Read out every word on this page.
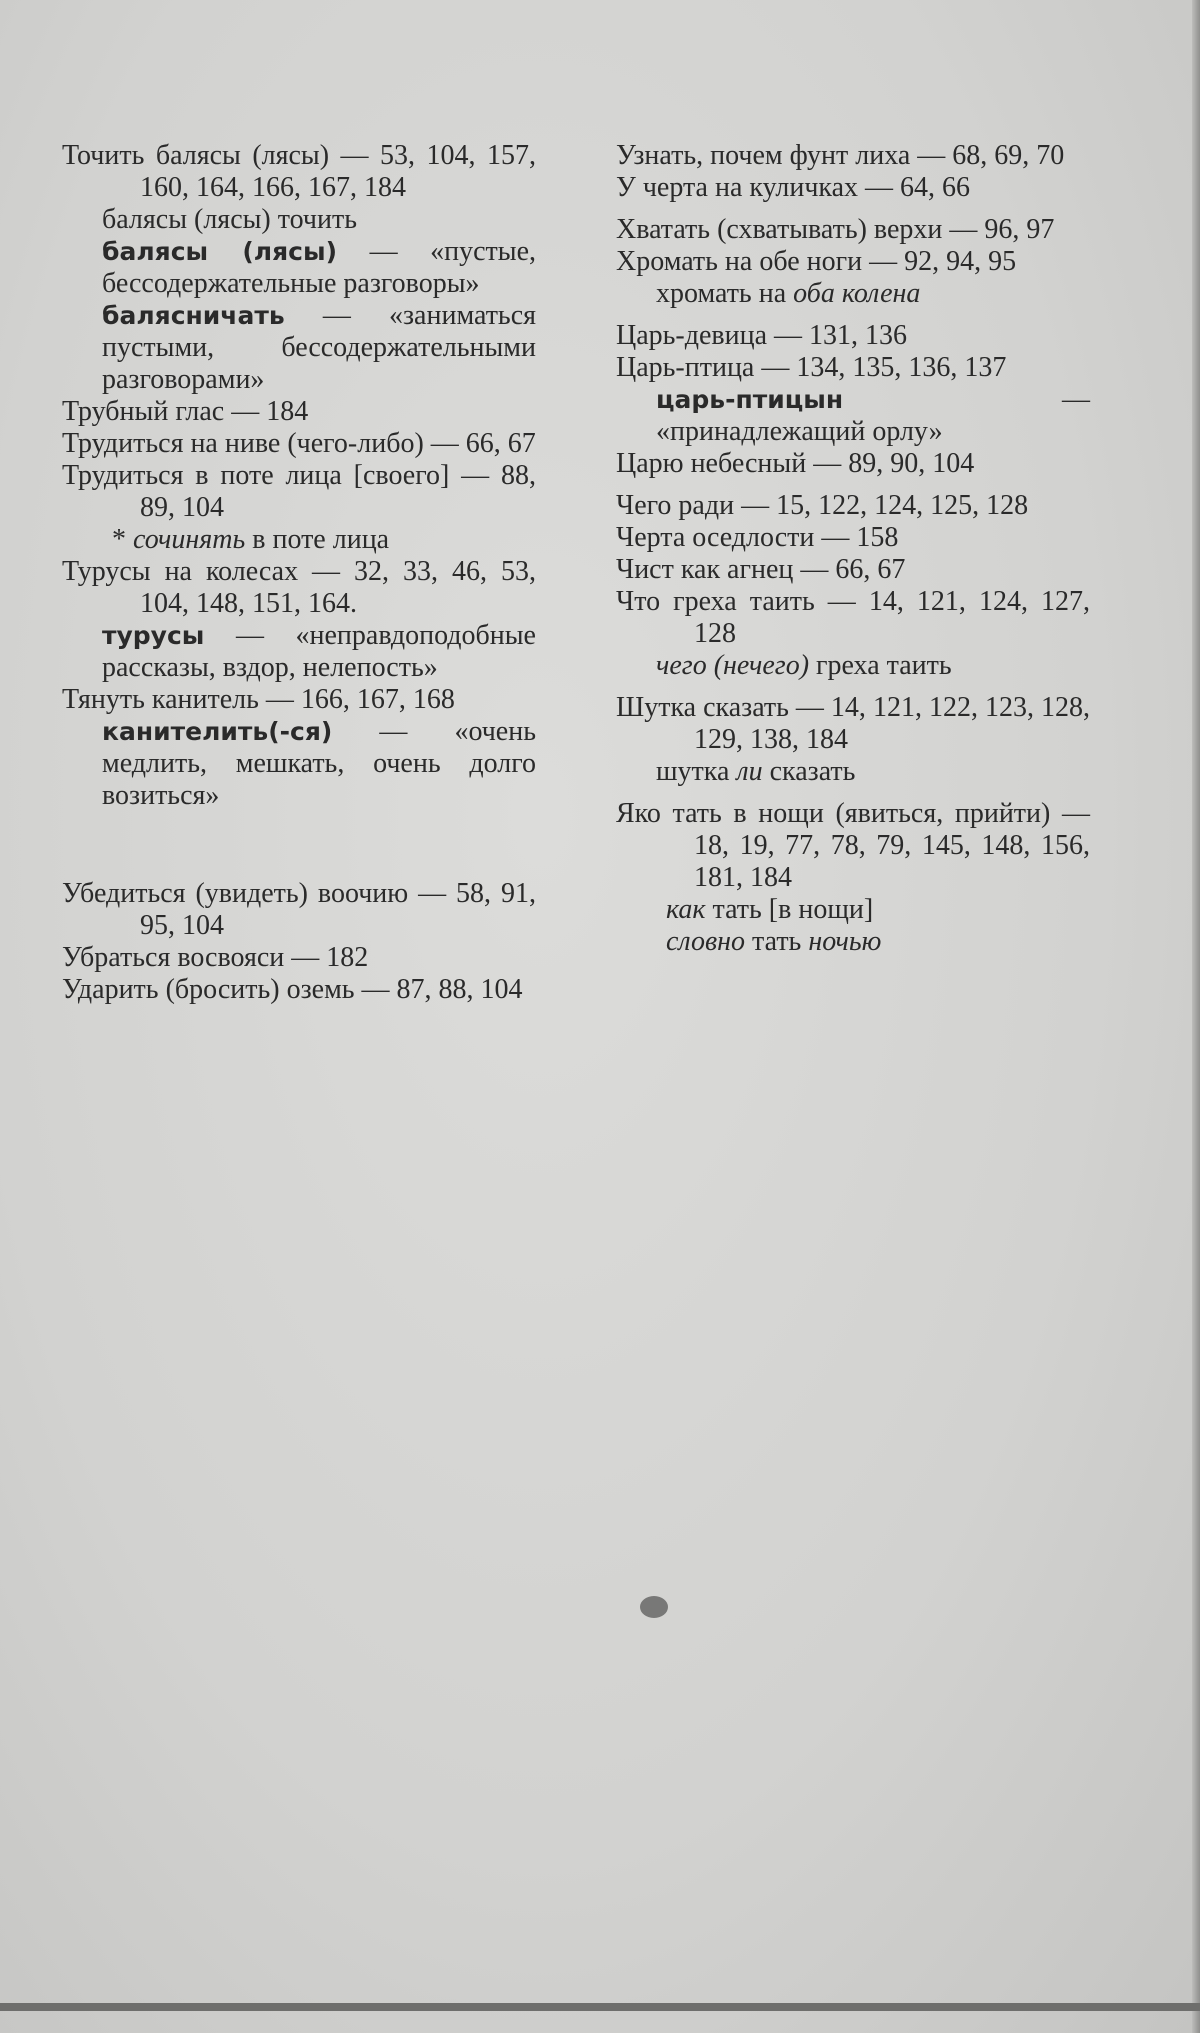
Точить балясы (лясы) — 53, 104, 157, 160, 164, 166, 167, 184

балясы (лясы) точить

балясы (лясы) — «пустые, бессодержательные разговоры»

балясничать — «заниматься пустыми, бессодержательными разговорами»

Трубный глас — 184

Трудиться на ниве (чего-либо) — 66, 67

Трудиться в поте лица [своего] — 88, 89, 104

* сочинять в поте лица

Турусы на колесах — 32, 33, 46, 53, 104, 148, 151, 164.

турусы — «неправдоподобные рассказы, вздор, нелепость»

Тянуть канитель — 166, 167, 168

канителить(-ся) — «очень медлить, мешкать, очень долго возиться»

Убедиться (увидеть) воочию — 58, 91, 95, 104

Убраться восвояси — 182

Ударить (бросить) оземь — 87, 88, 104

Узнать, почем фунт лиха — 68, 69, 70

У черта на куличках — 64, 66

Хватать (схватывать) верхи — 96, 97

Хромать на обе ноги — 92, 94, 95

хромать на оба колена

Царь-девица — 131, 136

Царь-птица — 134, 135, 136, 137

царь-птицын — «принадлежащий орлу»

Царю небесный — 89, 90, 104

Чего ради — 15, 122, 124, 125, 128

Черта оседлости — 158

Чист как агнец — 66, 67

Что греха таить — 14, 121, 124, 127, 128

чего (нечего) греха таить

Шутка сказать — 14, 121, 122, 123, 128, 129, 138, 184

шутка ли сказать

Яко тать в нощи (явиться, прийти) — 18, 19, 77, 78, 79, 145, 148, 156, 181, 184

как тать [в нощи]

словно тать ночью
